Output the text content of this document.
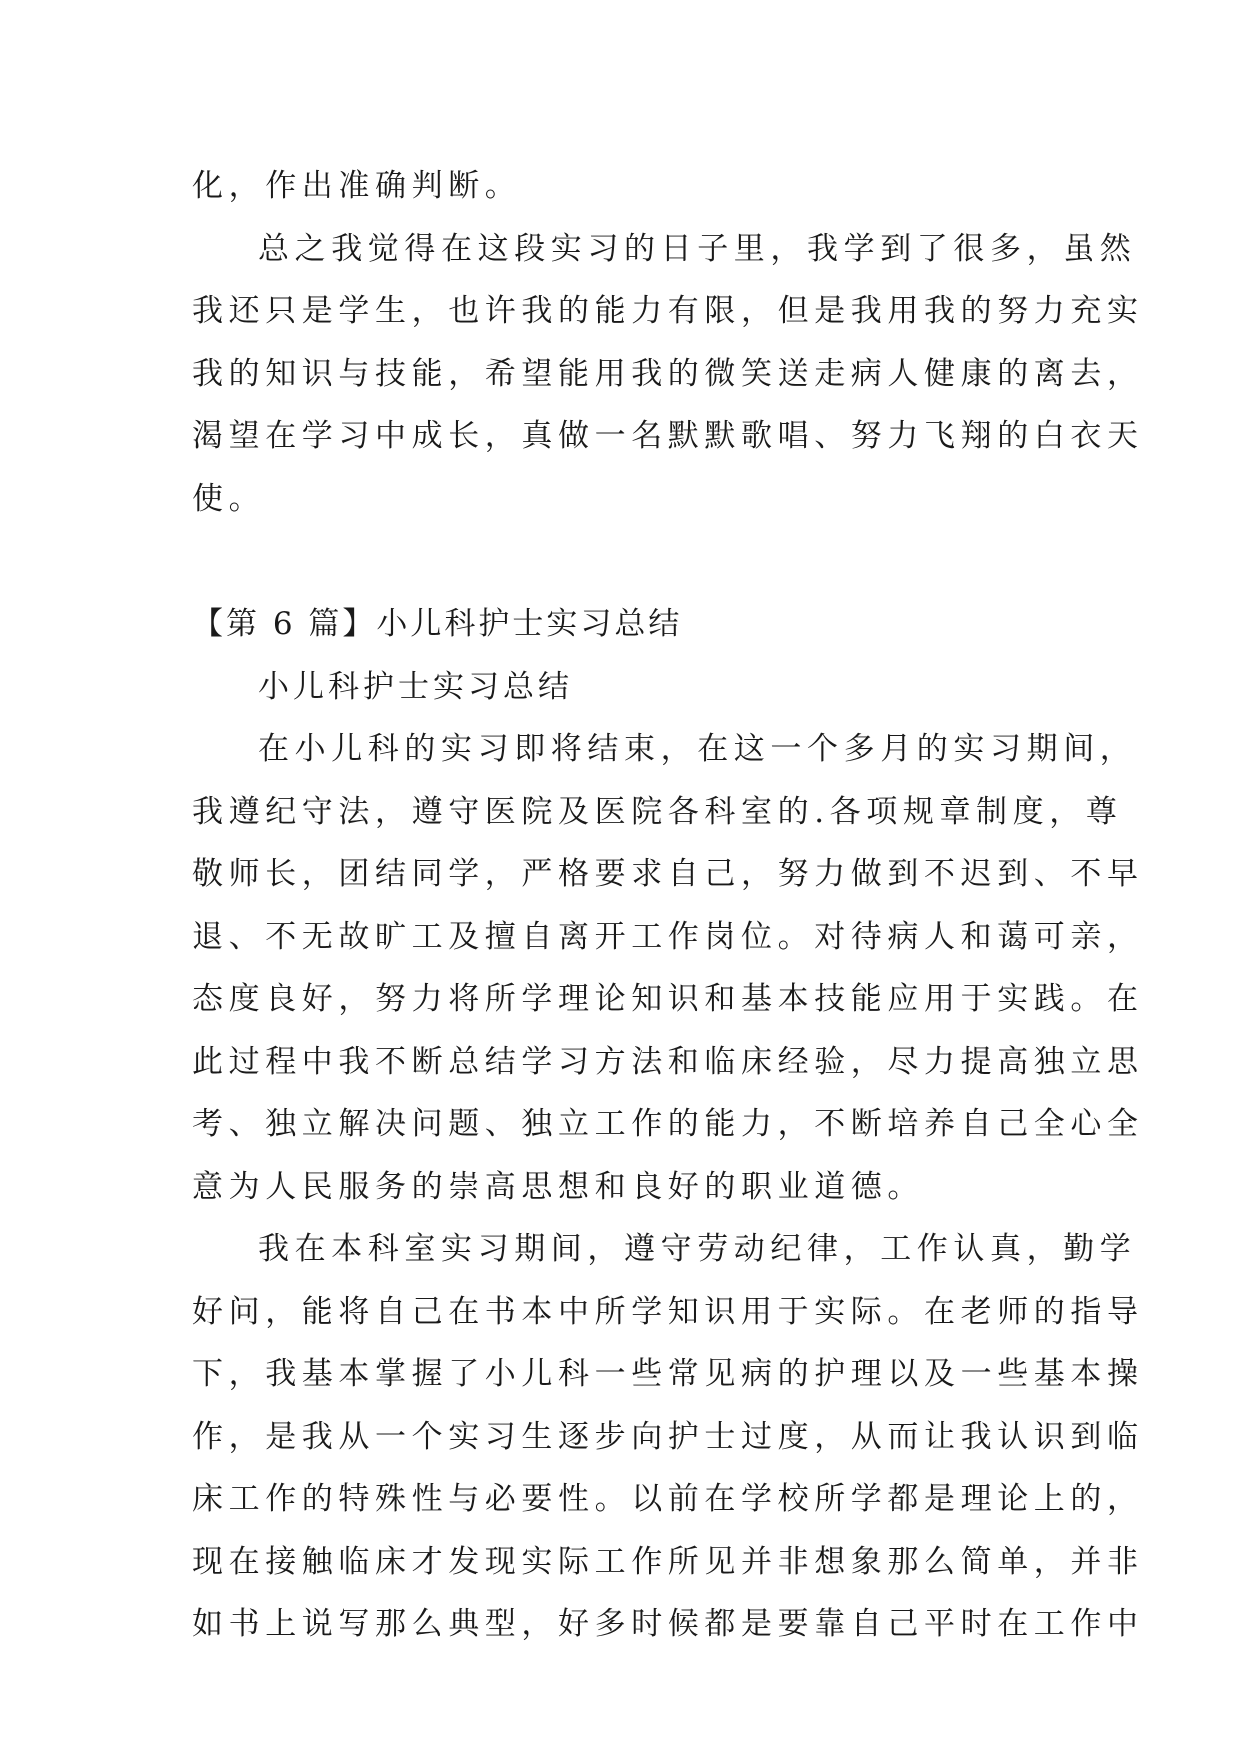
化，作出准确判断。
总之我觉得在这段实习的日子里，我学到了很多，虽然
我还只是学生，也许我的能力有限，但是我用我的努力充实
我的知识与技能，希望能用我的微笑送走病人健康的离去，
渴望在学习中成长，真做一名默默歌唱、努力飞翔的白衣天
使。
【第 6 篇】小儿科护士实习总结
小儿科护士实习总结
在小儿科的实习即将结束，在这一个多月的实习期间，
我遵纪守法，遵守医院及医院各科室的.各项规章制度，尊
敬师长，团结同学，严格要求自己，努力做到不迟到、不早
退、不无故旷工及擅自离开工作岗位。对待病人和蔼可亲，
态度良好，努力将所学理论知识和基本技能应用于实践。在
此过程中我不断总结学习方法和临床经验，尽力提高独立思
考、独立解决问题、独立工作的能力，不断培养自己全心全
意为人民服务的崇高思想和良好的职业道德。
我在本科室实习期间，遵守劳动纪律，工作认真，勤学
好问，能将自己在书本中所学知识用于实际。在老师的指导
下，我基本掌握了小儿科一些常见病的护理以及一些基本操
作，是我从一个实习生逐步向护士过度，从而让我认识到临
床工作的特殊性与必要性。以前在学校所学都是理论上的，
现在接触临床才发现实际工作所见并非想象那么简单，并非
如书上说写那么典型，好多时候都是要靠自己平时在工作中
